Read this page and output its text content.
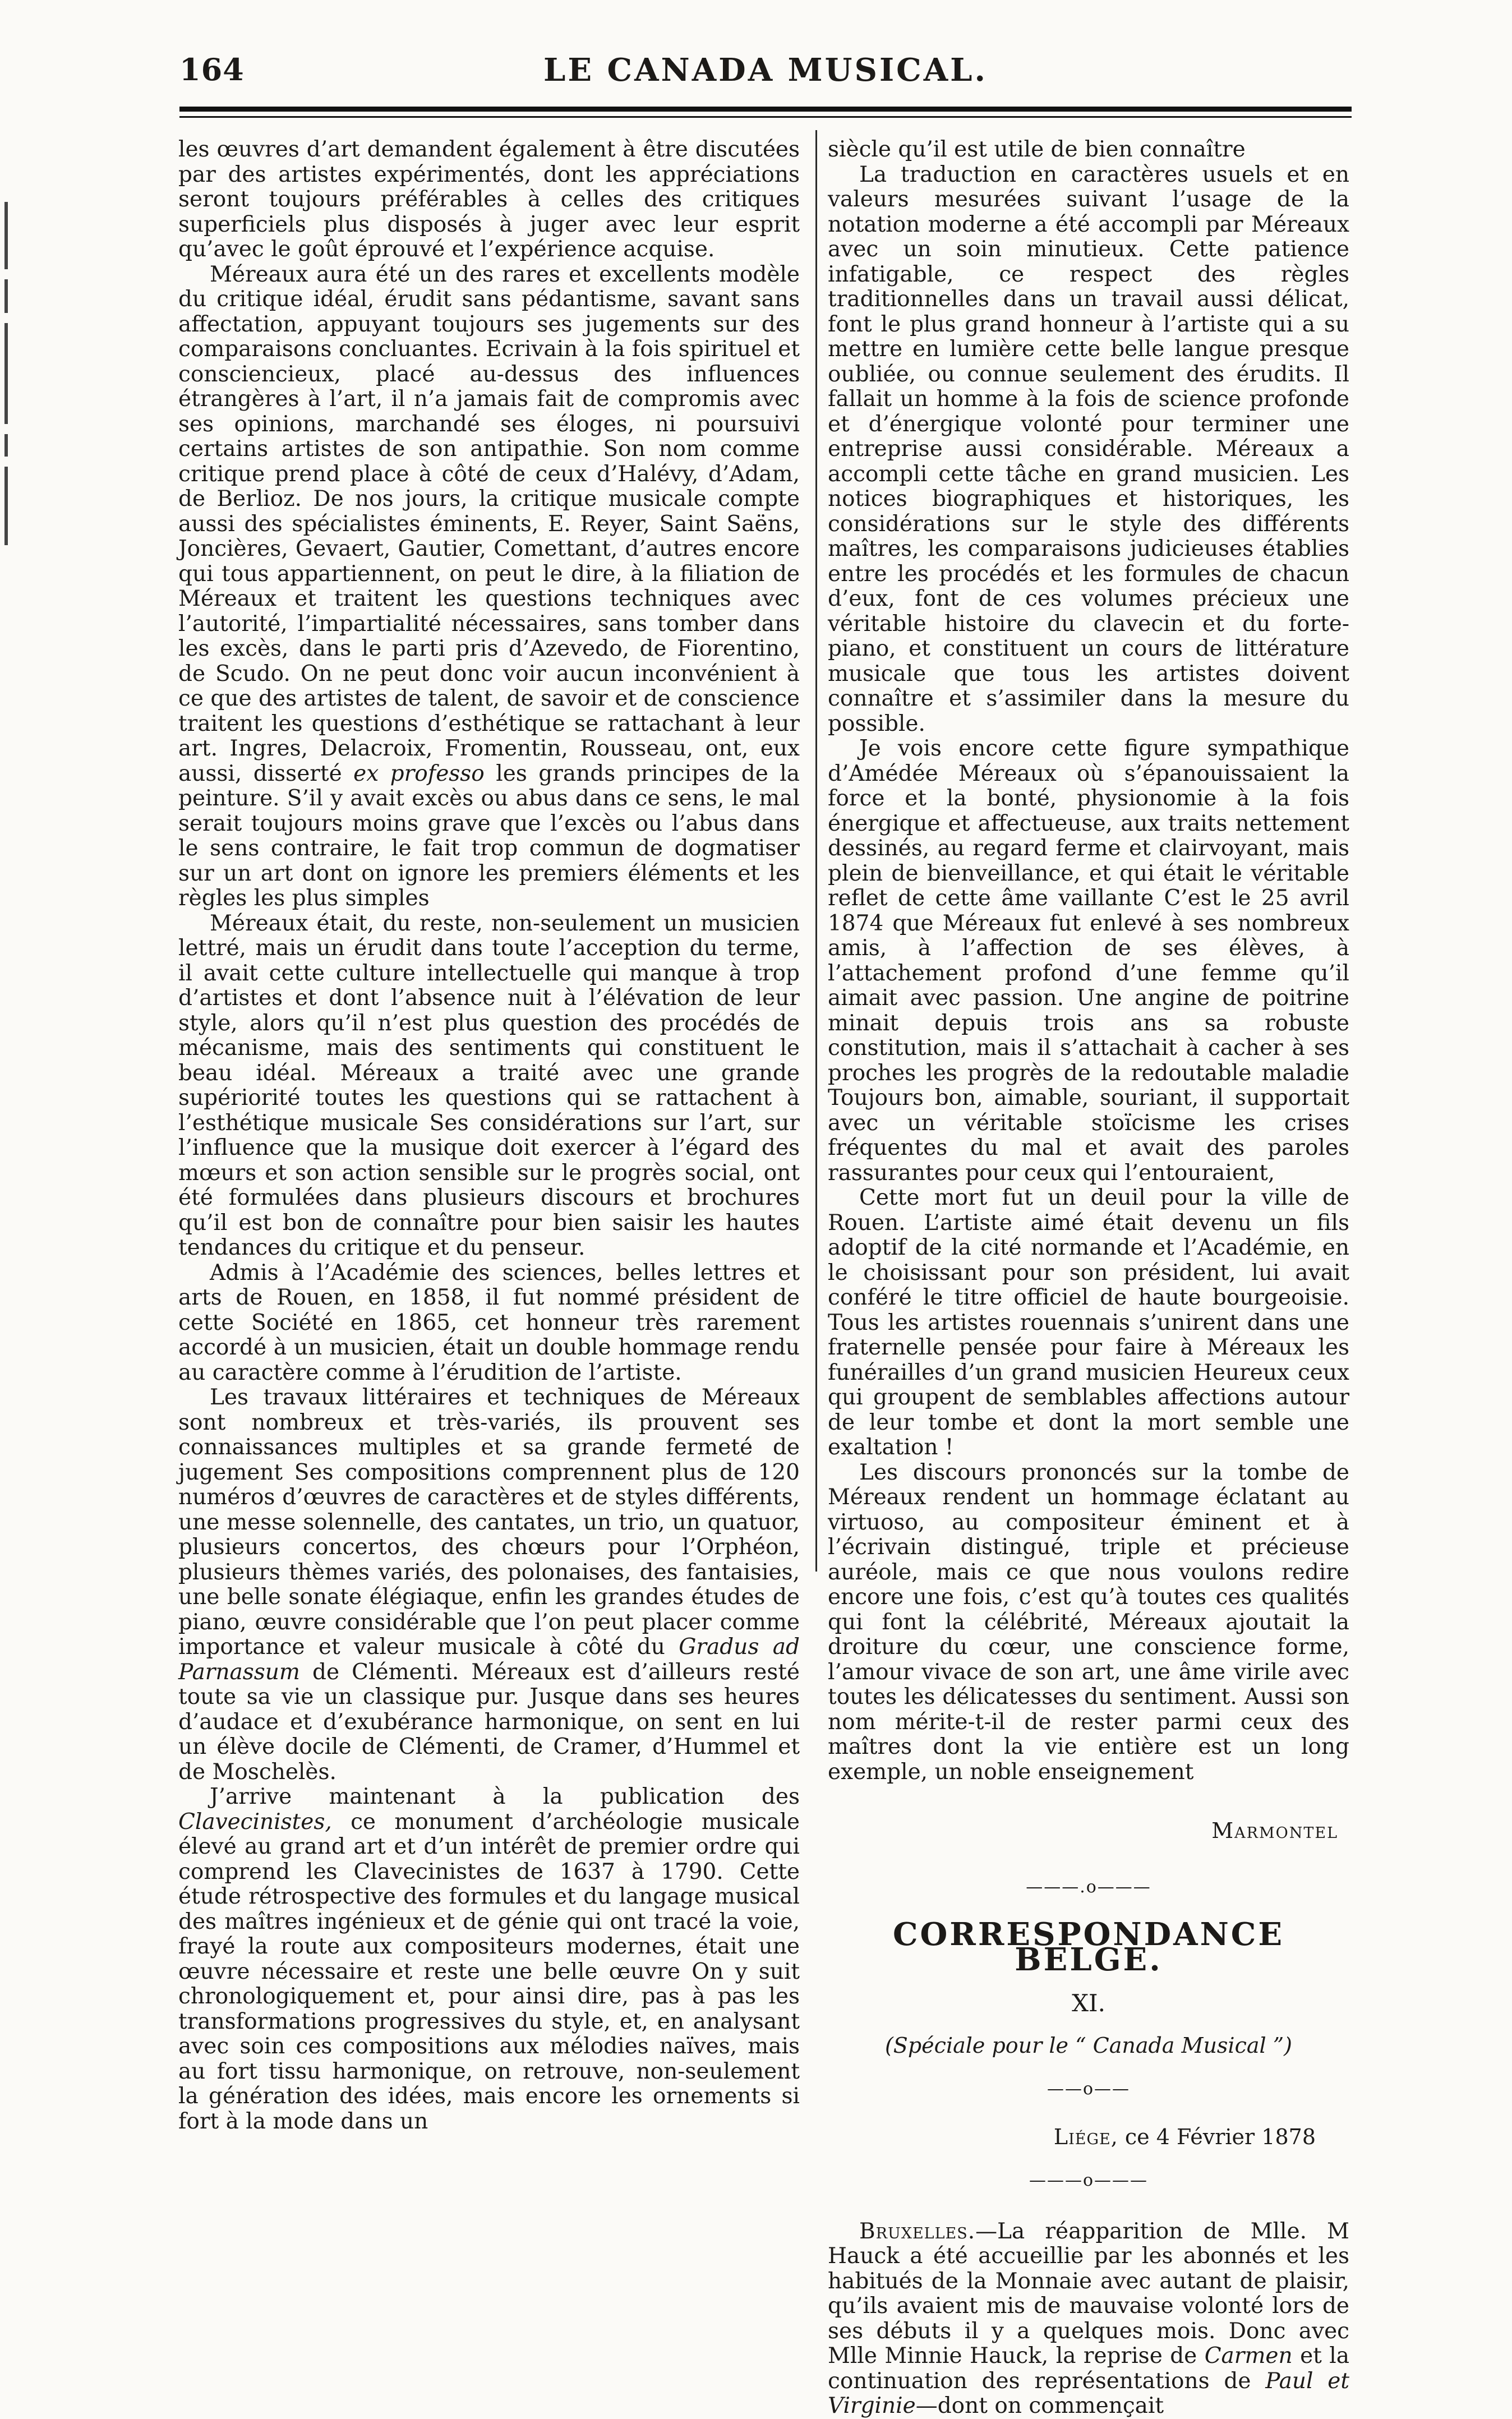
164	LE CANADA MUSICAL.

les œuvres d’art demandent également à être discutées par des artistes expérimentés, dont les appréciations seront toujours préférables à celles des critiques superficiels plus disposés à juger avec leur esprit qu’avec le goût éprouvé et l’expérience acquise.

Méreaux aura été un des rares et excellents modèle du critique idéal, érudit sans pédantisme, savant sans affectation, appuyant toujours ses jugements sur des comparaisons concluantes. Ecrivain à la fois spirituel et consciencieux, placé au-dessus des influences étrangères à l’art, il n’a jamais fait de compromis avec ses opinions, marchandé ses éloges, ni poursuivi certains artistes de son antipathie. Son nom comme critique prend place à côté de ceux d’Halévy, d’Adam, de Berlioz. De nos jours, la critique musicale compte aussi des spécialistes éminents, E. Reyer, Saint Saëns, Joncières, Gevaert, Gautier, Comettant, d’autres encore qui tous appartiennent, on peut le dire, à la filiation de Méreaux et traitent les questions techniques avec l’autorité, l’impartialité nécessaires, sans tomber dans les excès, dans le parti pris d’Azevedo, de Fiorentino, de Scudo. On ne peut donc voir aucun inconvénient à ce que des artistes de talent, de savoir et de conscience traitent les questions d’esthétique se rattachant à leur art. Ingres, Delacroix, Fromentin, Rousseau, ont, eux aussi, disserté ex professo les grands principes de la peinture. S’il y avait excès ou abus dans ce sens, le mal serait toujours moins grave que l’excès ou l’abus dans le sens contraire, le fait trop commun de dogmatiser sur un art dont on ignore les premiers éléments et les règles les plus simples

Méreaux était, du reste, non-seulement un musicien lettré, mais un érudit dans toute l’acception du terme, il avait cette culture intellectuelle qui manque à trop d’artistes et dont l’absence nuit à l’élévation de leur style, alors qu’il n’est plus question des procédés de mécanisme, mais des sentiments qui constituent le beau idéal. Méreaux a traité avec une grande supériorité toutes les questions qui se rattachent à l’esthétique musicale Ses considérations sur l’art, sur l’influence que la musique doit exercer à l’égard des mœurs et son action sensible sur le progrès social, ont été formulées dans plusieurs discours et brochures qu’il est bon de connaître pour bien saisir les hautes tendances du critique et du penseur.

Admis à l’Académie des sciences, belles lettres et arts de Rouen, en 1858, il fut nommé président de cette Société en 1865, cet honneur très rarement accordé à un musicien, était un double hommage rendu au caractère comme à l’érudition de l’artiste.

Les travaux littéraires et techniques de Méreaux sont nombreux et très-variés, ils prouvent ses connaissances multiples et sa grande fermeté de jugement Ses compositions comprennent plus de 120 numéros d’œuvres de caractères et de styles différents, une messe solennelle, des cantates, un trio, un quatuor, plusieurs concertos, des chœurs pour l’Orphéon, plusieurs thèmes variés, des polonaises, des fantaisies, une belle sonate élégiaque, enfin les grandes études de piano, œuvre considérable que l’on peut placer comme importance et valeur musicale à côté du Gradus ad Parnassum de Clémenti. Méreaux est d’ailleurs resté toute sa vie un classique pur. Jusque dans ses heures d’audace et d’exubérance harmonique, on sent en lui un élève docile de Clémenti, de Cramer, d’Hummel et de Moschelès.

J’arrive maintenant à la publication des Clavecinistes, ce monument d’archéologie musicale élevé au grand art et d’un intérêt de premier ordre qui comprend les Clavecinistes de 1637 à 1790. Cette étude rétrospective des formules et du langage musical des maîtres ingénieux et de génie qui ont tracé la voie, frayé la route aux compositeurs modernes, était une œuvre nécessaire et reste une belle œuvre On y suit chronologiquement et, pour ainsi dire, pas à pas les transformations progressives du style, et, en analysant avec soin ces compositions aux mélodies naïves, mais au fort tissu harmonique, on retrouve, non-seulement la génération des idées, mais encore les ornements si fort à la mode dans un

siècle qu’il est utile de bien connaître

La traduction en caractères usuels et en valeurs mesurées suivant l’usage de la notation moderne a été accompli par Méreaux avec un soin minutieux. Cette patience infatigable, ce respect des règles traditionnelles dans un travail aussi délicat, font le plus grand honneur à l’artiste qui a su mettre en lumière cette belle langue presque oubliée, ou connue seulement des érudits. Il fallait un homme à la fois de science profonde et d’énergique volonté pour terminer une entreprise aussi considérable. Méreaux a accompli cette tâche en grand musicien. Les notices biographiques et historiques, les considérations sur le style des différents maîtres, les comparaisons judicieuses établies entre les procédés et les formules de chacun d’eux, font de ces volumes précieux une véritable histoire du clavecin et du forte-piano, et constituent un cours de littérature musicale que tous les artistes doivent connaître et s’assimiler dans la mesure du possible.

Je vois encore cette figure sympathique d’Amédée Méreaux où s’épanouissaient la force et la bonté, physionomie à la fois énergique et affectueuse, aux traits nettement dessinés, au regard ferme et clairvoyant, mais plein de bienveillance, et qui était le véritable reflet de cette âme vaillante C’est le 25 avril 1874 que Méreaux fut enlevé à ses nombreux amis, à l’affection de ses élèves, à l’attachement profond d’une femme qu’il aimait avec passion. Une angine de poitrine minait depuis trois ans sa robuste constitution, mais il s’attachait à cacher à ses proches les progrès de la redoutable maladie Toujours bon, aimable, souriant, il supportait avec un véritable stoïcisme les crises fréquentes du mal et avait des paroles rassurantes pour ceux qui l’entouraient,

Cette mort fut un deuil pour la ville de Rouen. L’artiste aimé était devenu un fils adoptif de la cité normande et l’Académie, en le choisissant pour son président, lui avait conféré le titre officiel de haute bourgeoisie. Tous les artistes rouennais s’unirent dans une fraternelle pensée pour faire à Méreaux les funérailles d’un grand musicien Heureux ceux qui groupent de semblables affections autour de leur tombe et dont la mort semble une exaltation !

Les discours prononcés sur la tombe de Méreaux rendent un hommage éclatant au virtuoso, au compositeur éminent et à l’écrivain distingué, triple et précieuse auréole, mais ce que nous voulons redire encore une fois, c’est qu’à toutes ces qualités qui font la célébrité, Méreaux ajoutait la droiture du cœur, une conscience forme, l’amour vivace de son art, une âme virile avec toutes les délicatesses du sentiment. Aussi son nom mérite-t-il de rester parmi ceux des maîtres dont la vie entière est un long exemple, un noble enseignement

Marmontel

———.o———

CORRESPONDANCE BELGE.

XI.

(Spéciale pour le “ Canada Musical ”)

——o——

Liége, ce 4 Février 1878

———o———

Bruxelles.—La réapparition de Mlle. M Hauck a été accueillie par les abonnés et les habitués de la Monnaie avec autant de plaisir, qu’ils avaient mis de mauvaise volonté lors de ses débuts il y a quelques mois. Donc avec Mlle Minnie Hauck, la reprise de Carmen et la continuation des représentations de Paul et Virginie—dont on commençait
